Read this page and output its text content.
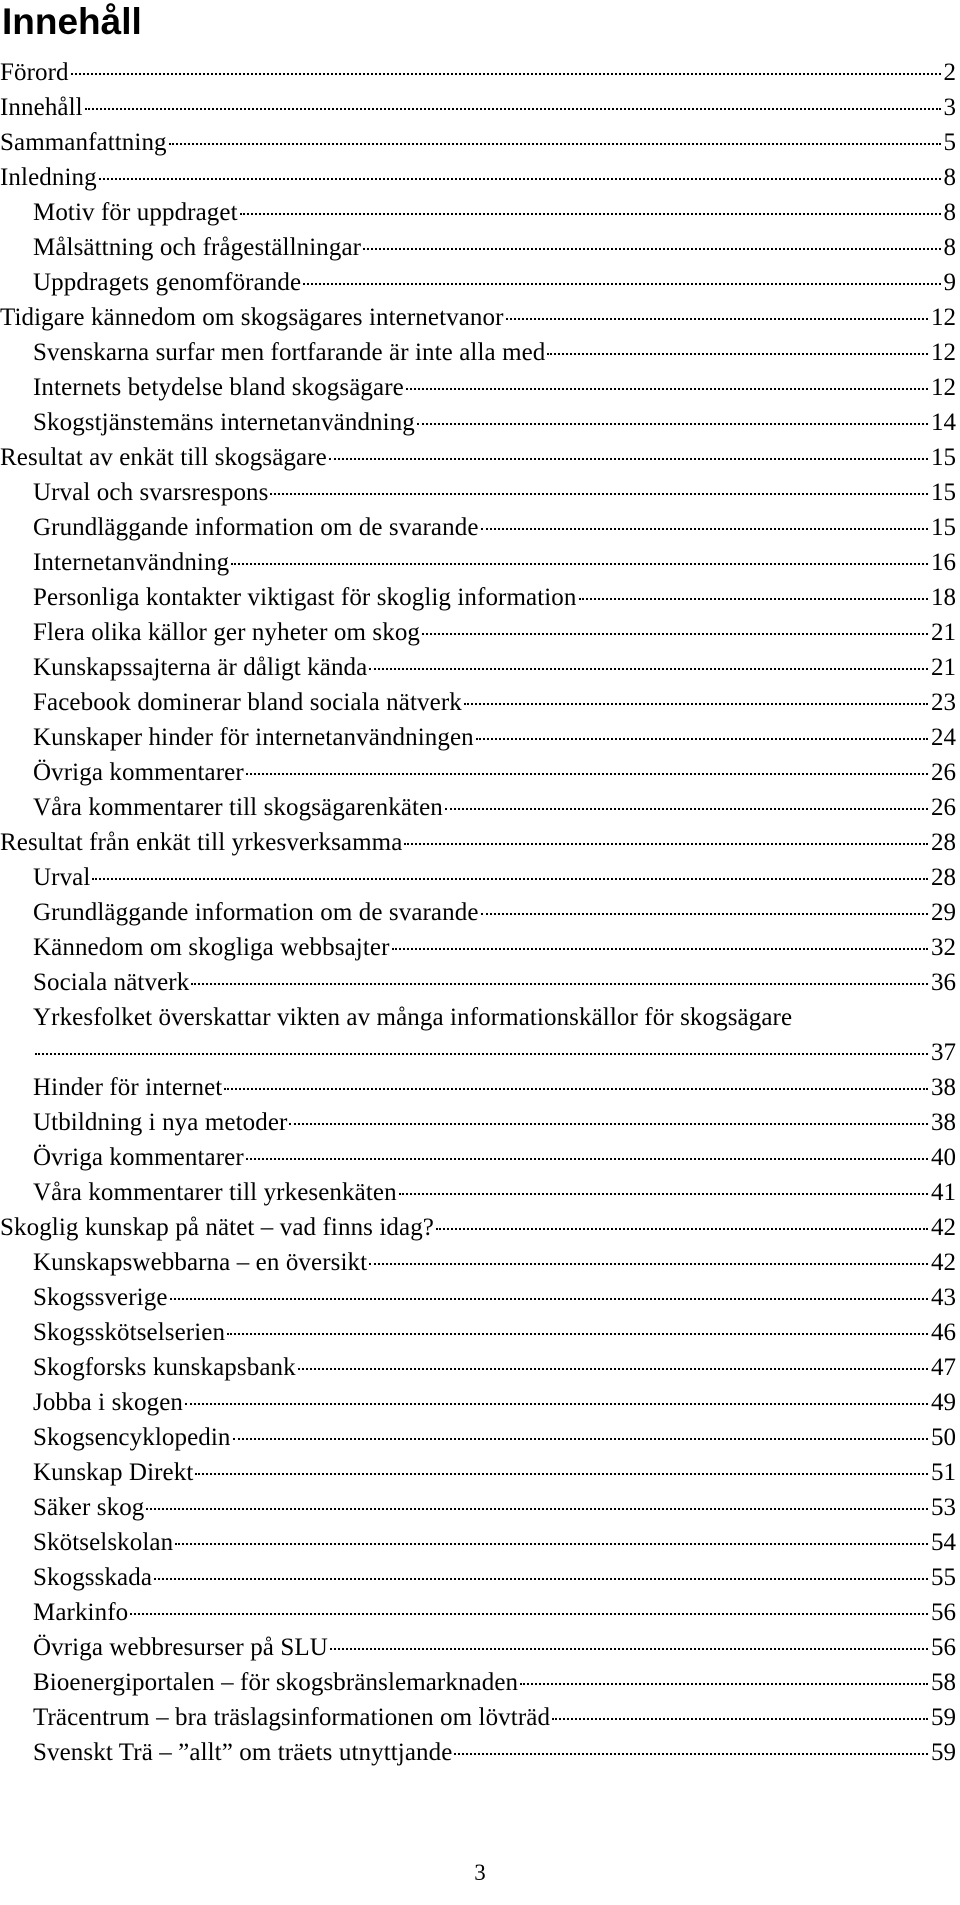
Innehåll
Förord	2
Innehåll	3
Sammanfattning	5
Inledning	8
Motiv för uppdraget	8
Målsättning och frågeställningar	8
Uppdragets genomförande	9
Tidigare kännedom om skogsägares internetvanor	12
Svenskarna surfar men fortfarande är inte alla med	12
Internets betydelse bland skogsägare	12
Skogstjänstemäns internetanvändning	14
Resultat av enkät till skogsägare	15
Urval och svarsrespons	15
Grundläggande information om de svarande	15
Internetanvändning	16
Personliga kontakter viktigast för skoglig information	18
Flera olika källor ger nyheter om skog	21
Kunskapssajterna är dåligt kända	21
Facebook dominerar bland sociala nätverk	23
Kunskaper hinder för internetanvändningen	24
Övriga kommentarer	26
Våra kommentarer till skogsägarenkäten	26
Resultat från enkät till yrkesverksamma	28
Urval	28
Grundläggande information om de svarande	29
Kännedom om skogliga webbsajter	32
Sociala nätverk	36
Yrkesfolket överskattar vikten av många informationskällor för skogsägare
37
Hinder för internet	38
Utbildning i nya metoder	38
Övriga kommentarer	40
Våra kommentarer till yrkesenkäten	41
Skoglig kunskap på nätet – vad finns idag?	42
Kunskapswebbarna – en översikt	42
Skogssverige	43
Skogsskötselserien	46
Skogforsks kunskapsbank	47
Jobba i skogen	49
Skogsencyklopedin	50
Kunskap Direkt	51
Säker skog	53
Skötselskolan	54
Skogsskada	55
Markinfo	56
Övriga webbresurser på SLU	56
Bioenergiportalen – för skogsbränslemarknaden	58
Träcentrum – bra träslagsinformationen om lövträd	59
Svenskt Trä – ”allt” om träets utnyttjande	59
3
